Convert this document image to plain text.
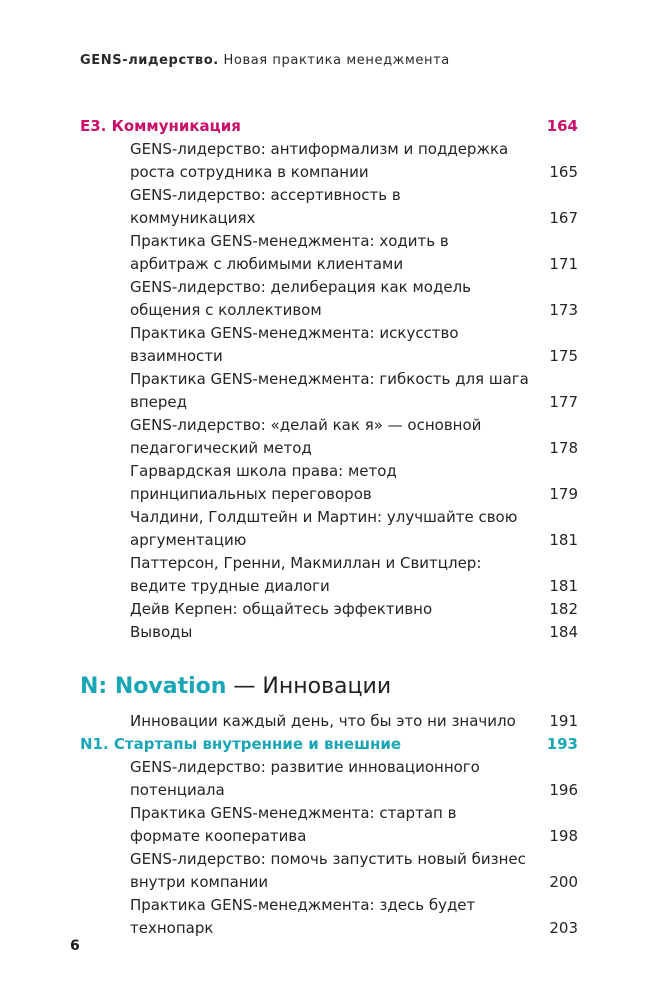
GENS-лидерство. Новая практика менеджмента
E3. Коммуникация	164
GENS-лидерство: антиформализм и поддержка роста сотрудника в компании	165
GENS-лидерство: ассертивность в коммуникациях	167
Практика GENS-менеджмента: ходить в арбитраж с любимыми клиентами	171
GENS-лидерство: делиберация как модель общения с коллективом	173
Практика GENS-менеджмента: искусство взаимности	175
Практика GENS-менеджмента: гибкость для шага вперед	177
GENS-лидерство: «делай как я» — основной педагогический метод	178
Гарвардская школа права: метод принципиальных переговоров	179
Чалдини, Голдштейн и Мартин: улучшайте свою аргументацию	181
Паттерсон, Гренни, Макмиллан и Свитцлер: ведите трудные диалоги	181
Дейв Керпен: общайтесь эффективно	182
Выводы	184
N: Novation — Инновации
Инновации каждый день, что бы это ни значило 191
N1. Стартапы внутренние и внешние	193
GENS-лидерство: развитие инновационного потенциала	196
Практика GENS-менеджмента: стартап в формате кооператива	198
GENS-лидерство: помочь запустить новый бизнес внутри компании	200
Практика GENS-менеджмента: здесь будет технопарк	203
6
